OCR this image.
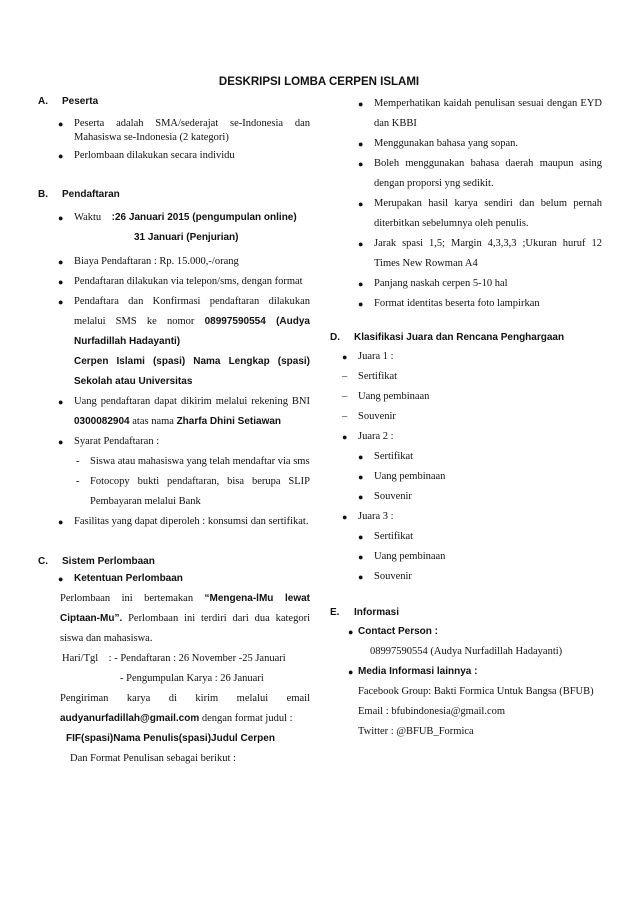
DESKRIPSI LOMBA CERPEN ISLAMI

A. Peserta

● Peserta adalah SMA/sederajat se-Indonesia dan Mahasiswa se-Indonesia (2 kategori)
● Perlombaan dilakukan secara individu

B. Pendaftaran

● Waktu :26 Januari 2015 (pengumpulan online)
31 Januari (Penjurian)
● Biaya Pendaftaran : Rp. 15.000,-/orang
● Pendaftaran dilakukan via telepon/sms, dengan format
● Pendaftara dan Konfirmasi pendaftaran dilakukan melalui SMS ke nomor 08997590554 (Audya Nurfadillah Hadayanti)
Cerpen Islami (spasi) Nama Lengkap (spasi) Sekolah atau Universitas
● Uang pendaftaran dapat dikirim melalui rekening BNI 0300082904 atas nama Zharfa Dhini Setiawan
● Syarat Pendaftaran :
- Siswa atau mahasiswa yang telah mendaftar via sms
- Fotocopy bukti pendaftaran, bisa berupa SLIP Pembayaran melalui Bank
● Fasilitas yang dapat diperoleh : konsumsi dan sertifikat.

C. Sistem Perlombaan

● Ketentuan Perlombaan
Perlombaan ini bertemakan “Mengena-lMu lewat Ciptaan-Mu”. Perlombaan ini terdiri dari dua kategori siswa dan mahasiswa.
Hari/Tgl : - Pendaftaran : 26 November -25 Januari
- Pengumpulan Karya : 26 Januari
Pengiriman karya di kirim melalui email audyanurfadillah@gmail.com dengan format judul :
FIF(spasi)Nama Penulis(spasi)Judul Cerpen
Dan Format Penulisan sebagai berikut :
● Memperhatikan kaidah penulisan sesuai dengan EYD dan KBBI
● Menggunakan bahasa yang sopan.
● Boleh menggunakan bahasa daerah maupun asing dengan proporsi yng sedikit.
● Merupakan hasil karya sendiri dan belum pernah diterbitkan sebelumnya oleh penulis.
● Jarak spasi 1,5; Margin 4,3,3,3 ;Ukuran huruf 12 Times New Rowman A4
● Panjang naskah cerpen 5-10 hal
● Format identitas beserta foto lampirkan

D. Klasifikasi Juara dan Rencana Penghargaan

● Juara 1 :
– Sertifikat
– Uang pembinaan
– Souvenir
● Juara 2 :
● Sertifikat
● Uang pembinaan
● Souvenir
● Juara 3 :
● Sertifikat
● Uang pembinaan
● Souvenir

E. Informasi

● Contact Person :
08997590554 (Audya Nurfadillah Hadayanti)
● Media Informasi lainnya :
Facebook Group: Bakti Formica Untuk Bangsa (BFUB)
Email : bfubindonesia@gmail.com
Twitter : @BFUB_Formica
